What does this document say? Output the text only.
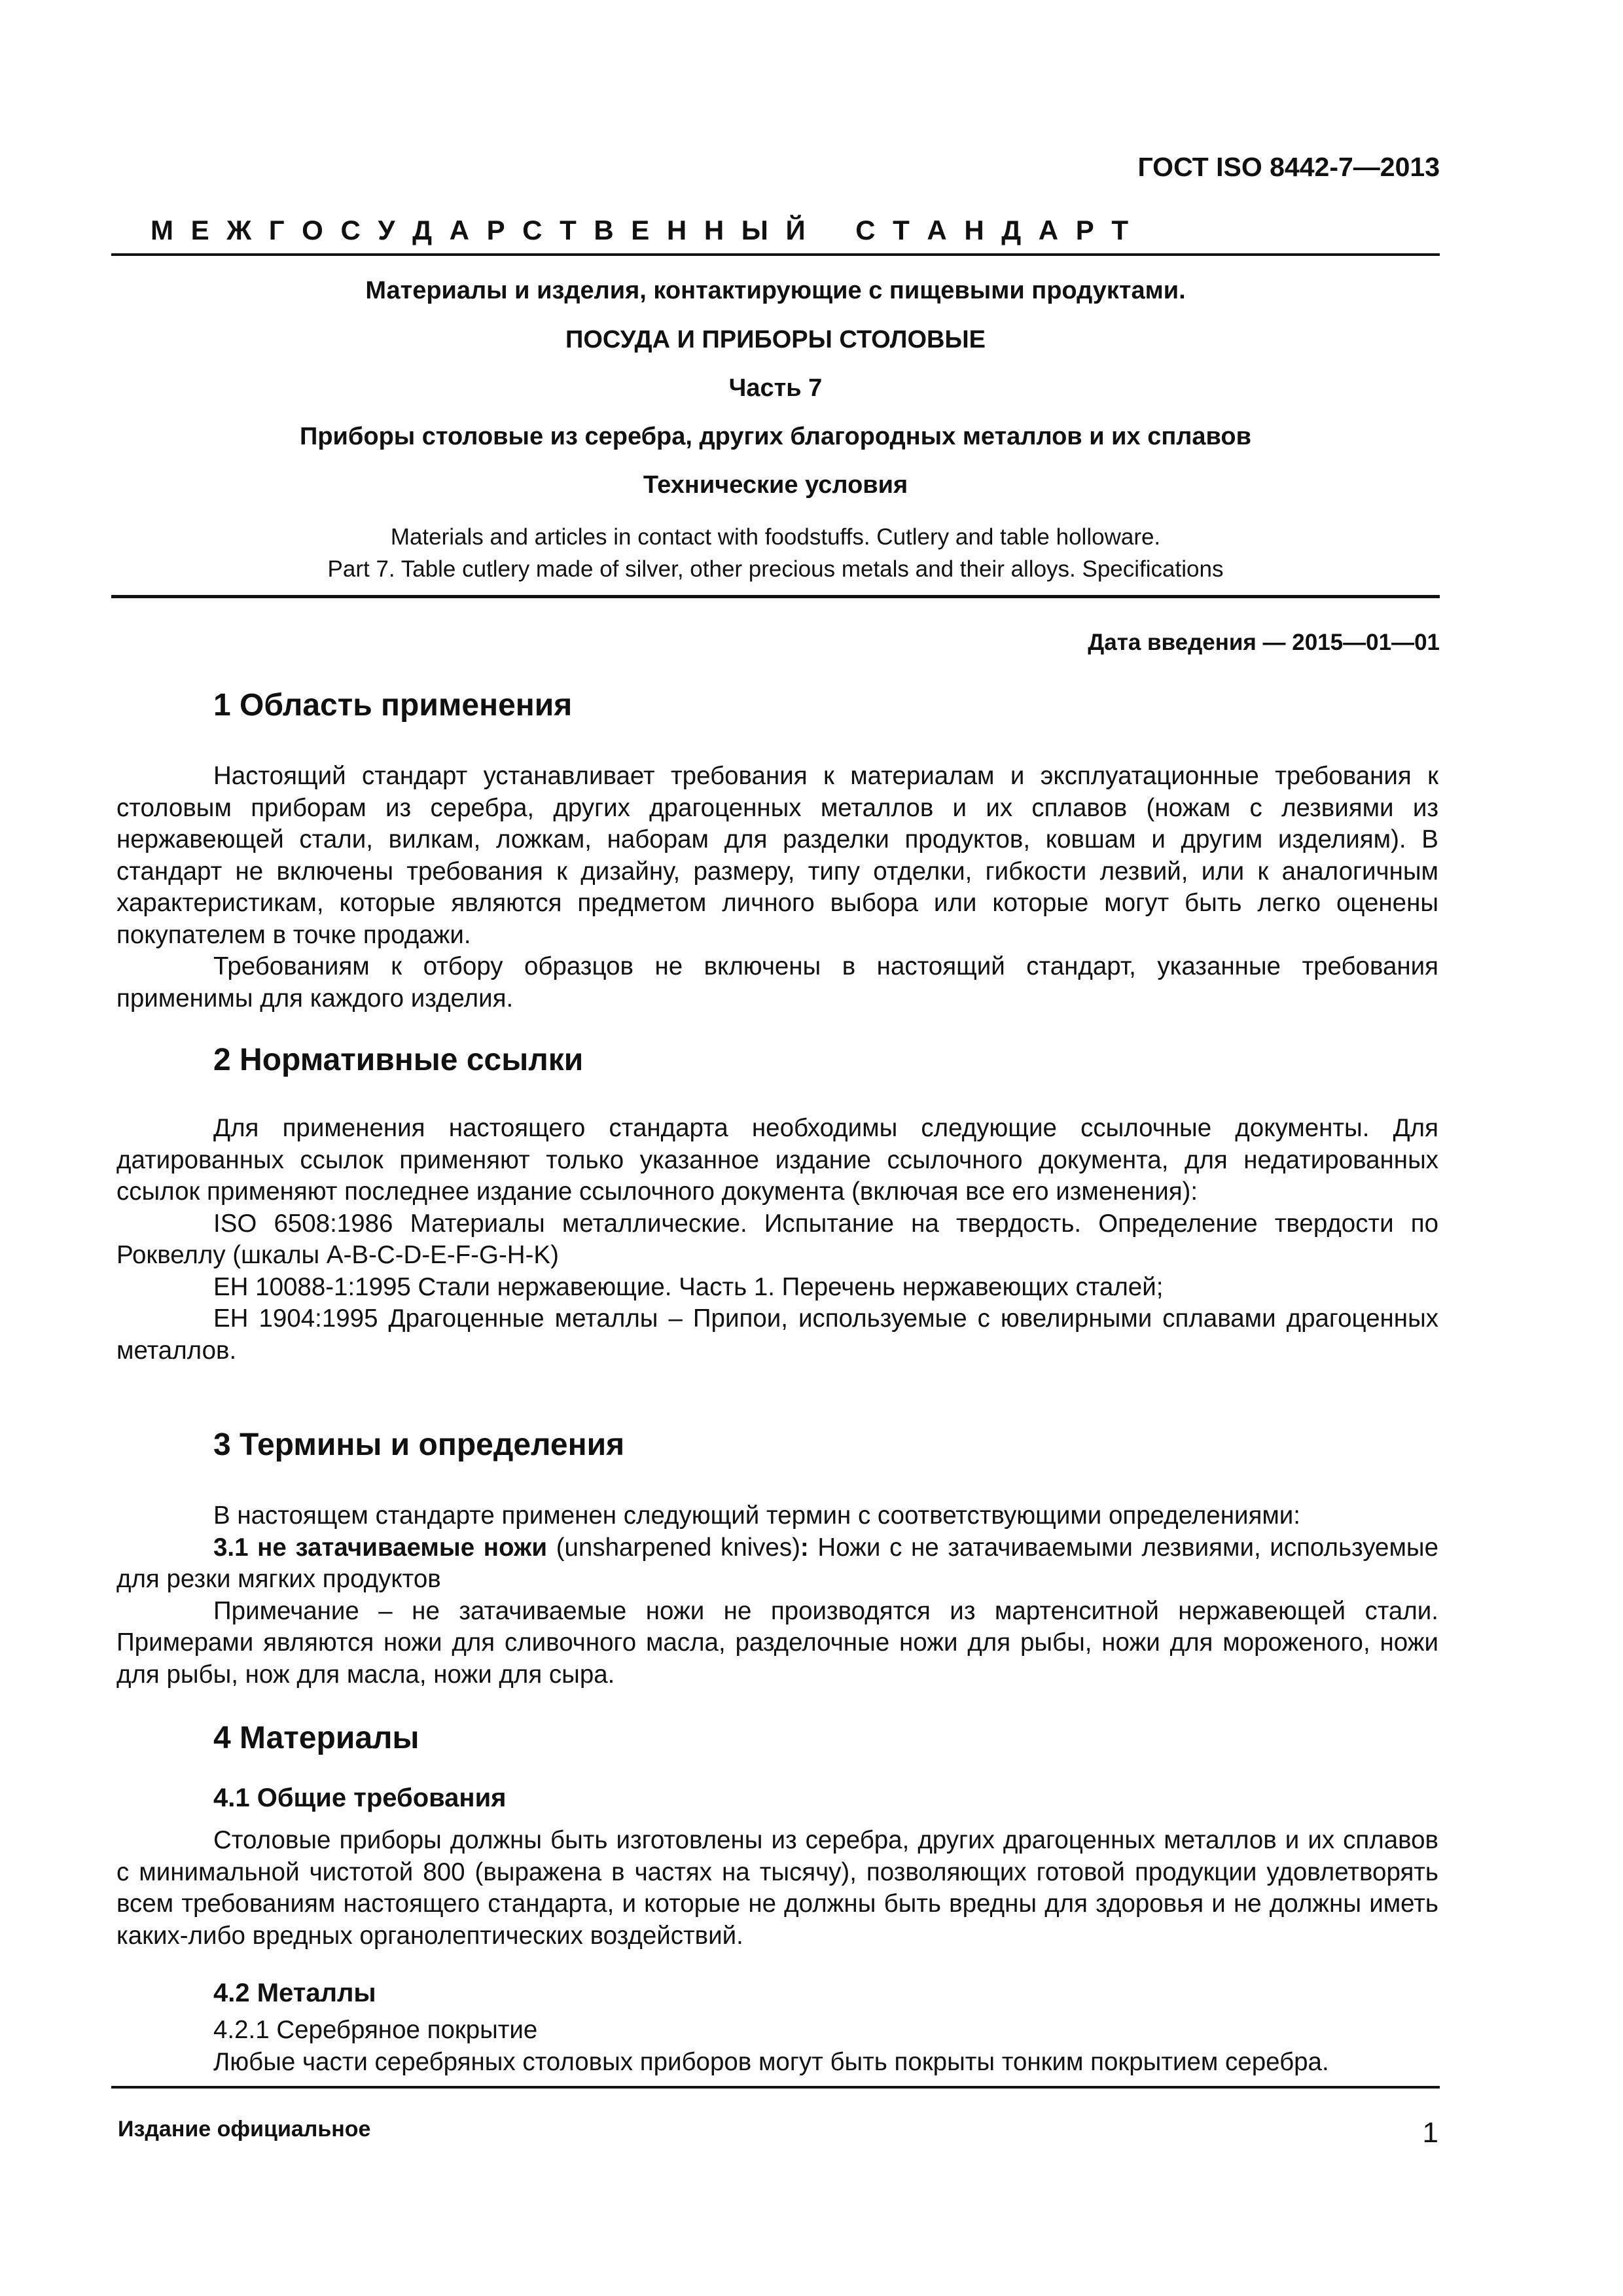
ГОСТ ISO 8442-7—2013
М Е Ж Г О С У Д А Р С Т В Е Н Н Ы Й С Т А Н Д А Р Т
Материалы и изделия, контактирующие с пищевыми продуктами.
ПОСУДА И ПРИБОРЫ СТОЛОВЫЕ
Часть 7
Приборы столовые из серебра, других благородных металлов и их сплавов
Технические условия
Materials and articles in contact with foodstuffs. Cutlery and table holloware.
Part 7. Table cutlery made of silver, other precious metals and their alloys. Specifications
Дата введения — 2015—01—01
1 Область применения

Настоящий стандарт устанавливает требования к материалам и эксплуатационные требования к столовым приборам из серебра, других драгоценных металлов и их сплавов (ножам с лезвиями из нержавеющей стали, вилкам, ложкам, наборам для разделки продуктов, ковшам и другим изделиям). В стандарт не включены требования к дизайну, размеру, типу отделки, гибкости лезвий, или к аналогичным характеристикам, которые являются предметом личного выбора или которые могут быть легко оценены покупателем в точке продажи.

Требованиям к отбору образцов не включены в настоящий стандарт, указанные требования применимы для каждого изделия.

2 Нормативные ссылки

Для применения настоящего стандарта необходимы следующие ссылочные документы. Для датированных ссылок применяют только указанное издание ссылочного документа, для недатированных ссылок применяют последнее издание ссылочного документа (включая все его изменения):

ISO 6508:1986 Материалы металлические. Испытание на твердость. Определение твердости по Роквеллу (шкалы A-B-C-D-E-F-G-H-K)

ЕН 10088-1:1995 Стали нержавеющие. Часть 1. Перечень нержавеющих сталей;

ЕН 1904:1995 Драгоценные металлы – Припои, используемые с ювелирными сплавами драгоценных металлов.

3 Термины и определения

В настоящем стандарте применен следующий термин с соответствующими определениями:

3.1 не затачиваемые ножи (unsharpened knives): Ножи с не затачиваемыми лезвиями, используемые для резки мягких продуктов

Примечание – не затачиваемые ножи не производятся из мартенситной нержавеющей стали. Примерами являются ножи для сливочного масла, разделочные ножи для рыбы, ножи для мороженого, ножи для рыбы, нож для масла, ножи для сыра.

4 Материалы
4.1 Общие требования

Столовые приборы должны быть изготовлены из серебра, других драгоценных металлов и их сплавов с минимальной чистотой 800 (выражена в частях на тысячу), позволяющих готовой продукции удовлетворять всем требованиям настоящего стандарта, и которые не должны быть вредны для здоровья и не должны иметь каких-либо вредных органолептических воздействий.

4.2 Металлы

4.2.1 Серебряное покрытие

Любые части серебряных столовых приборов могут быть покрыты тонким покрытием серебра.

Издание официальное	1
